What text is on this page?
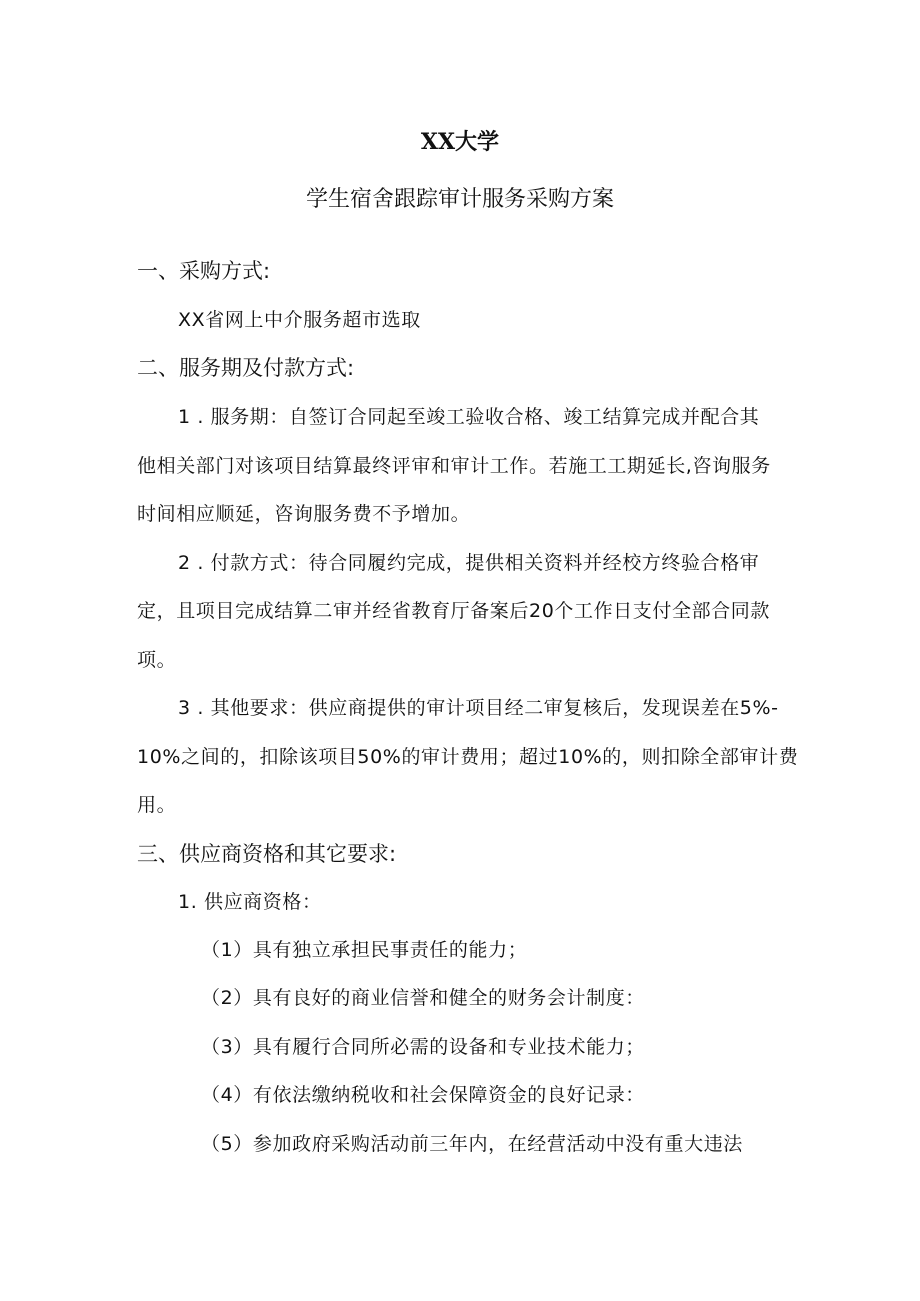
XX大学
学生宿舍跟踪审计服务采购方案
一、采购方式:
XX省网上中介服务超市选取
二、服务期及付款方式:
1 . 服务期：自签订合同起至竣工验收合格、竣工结算完成并配合其
他相关部门对该项目结算最终评审和审计工作。若施工工期延长,咨询服务
时间相应顺延，咨询服务费不予增加。
2 . 付款方式：待合同履约完成，提供相关资料并经校方终验合格审
定，且项目完成结算二审并经省教育厅备案后20个工作日支付全部合同款
项。
3 . 其他要求：供应商提供的审计项目经二审复核后，发现误差在5%-
10%之间的，扣除该项目50%的审计费用；超过10%的，则扣除全部审计费
用。
三、供应商资格和其它要求:
1. 供应商资格：
（1）具有独立承担民事责任的能力；
（2）具有良好的商业信誉和健全的财务会计制度：
（3）具有履行合同所必需的设备和专业技术能力；
（4）有依法缴纳税收和社会保障资金的良好记录：
（5）参加政府采购活动前三年内，在经营活动中没有重大违法
